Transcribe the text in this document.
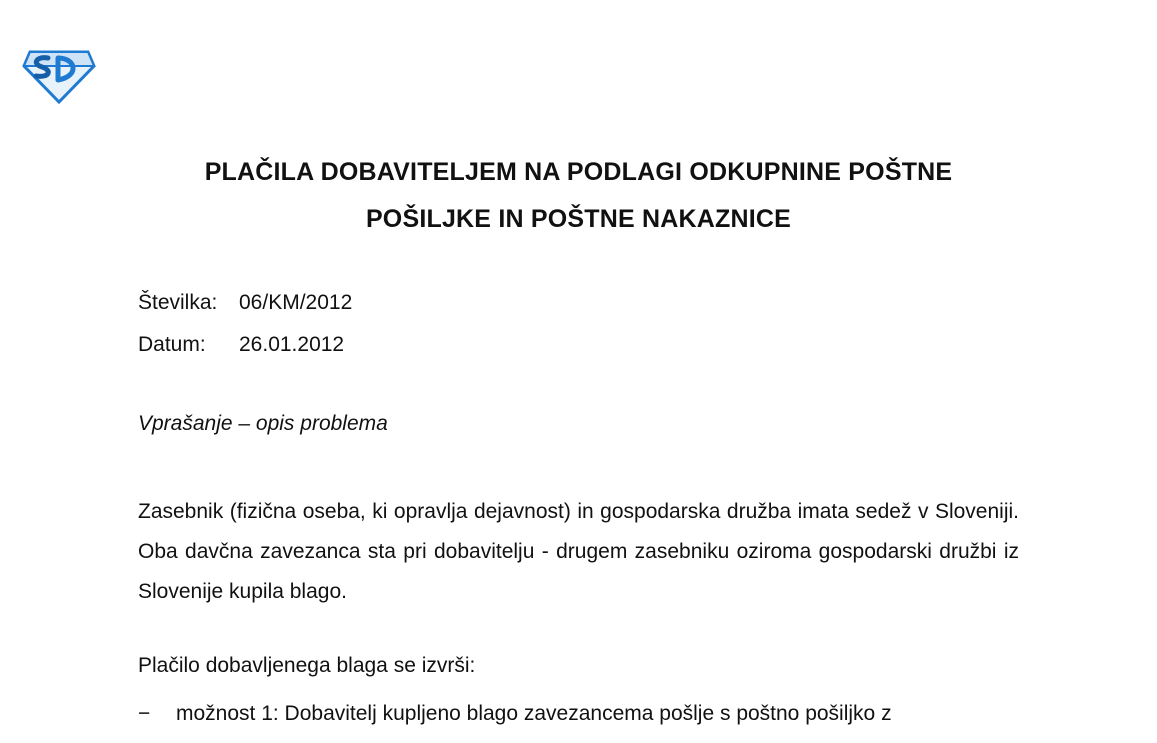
PLAČILA DOBAVITELJEM NA PODLAGI ODKUPNINE POŠTNE
POŠILJKE IN POŠTNE NAKAZNICE
Številka: 06/KM/2012
Datum: 26.01.2012
Vprašanje – opis problema

Zasebnik (fizična oseba, ki opravlja dejavnost) in gospodarska družba imata sedež v Sloveniji. Oba davčna zavezanca sta pri dobavitelju - drugem zasebniku oziroma gospodarski družbi iz Slovenije kupila blago.

Plačilo dobavljenega blaga se izvrši:
− možnost 1: Dobavitelj kupljeno blago zavezancema pošlje s poštno pošiljko z
